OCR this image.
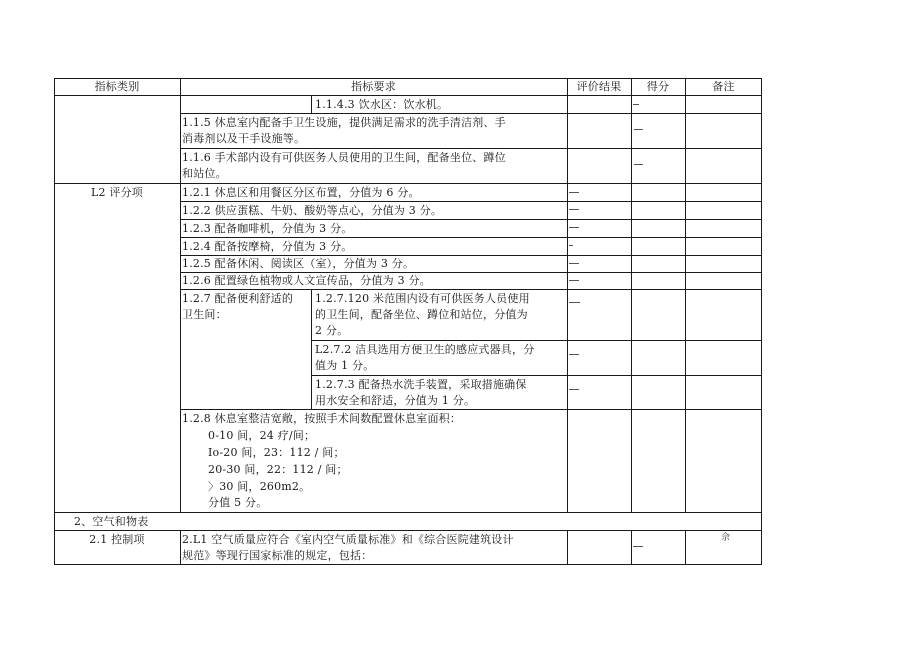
指标类别	指标要求	评价结果	得分	备注
1.1.4.3 饮水区：饮水机。
1.1.5 休息室内配备手卫生设施，提供满足需求的洗手清洁剂、手
消毒剂以及干手设施等。
1.1.6 手术部内设有可供医务人员使用的卫生间，配备坐位、蹲位
和站位。
L2 评分项	1.2.1 休息区和用餐区分区布置，分值为 6 分。
1.2.2 供应蛋糕、牛奶、酸奶等点心，分值为 3 分。
1.2.3 配备咖啡机，分值为 3 分。
1.2.4 配备按摩椅，分值为 3 分。
1.2.5 配备休闲、阅读区（室），分值为 3 分。
1.2.6 配置绿色植物或人文宣传品，分值为 3 分。
1.2.7 配备便利舒适的
卫生间：
1.2.7.120 米范围内设有可供医务人员使用
的卫生间，配备坐位、蹲位和站位，分值为
2 分。
L2.7.2 洁具选用方便卫生的感应式器具，分
值为 1 分。
1.2.7.3 配备热水洗手装置，采取措施确保
用水安全和舒适，分值为 1 分。
1.2.8 休息室整洁宽敞，按照手术间数配置休息室面积：
0-10 间，24 疗/间；
Io-20 间，23：112 / 间；
20-30 间，22：112 / 间；
〉30 间，260m2。
分值 5 分。
2、空气和物表
2.1 控制项	2.L1 空气质量应符合《室内空气质量标准》和《综合医院建筑设计
规范》等现行国家标准的规定，包括：
佘
